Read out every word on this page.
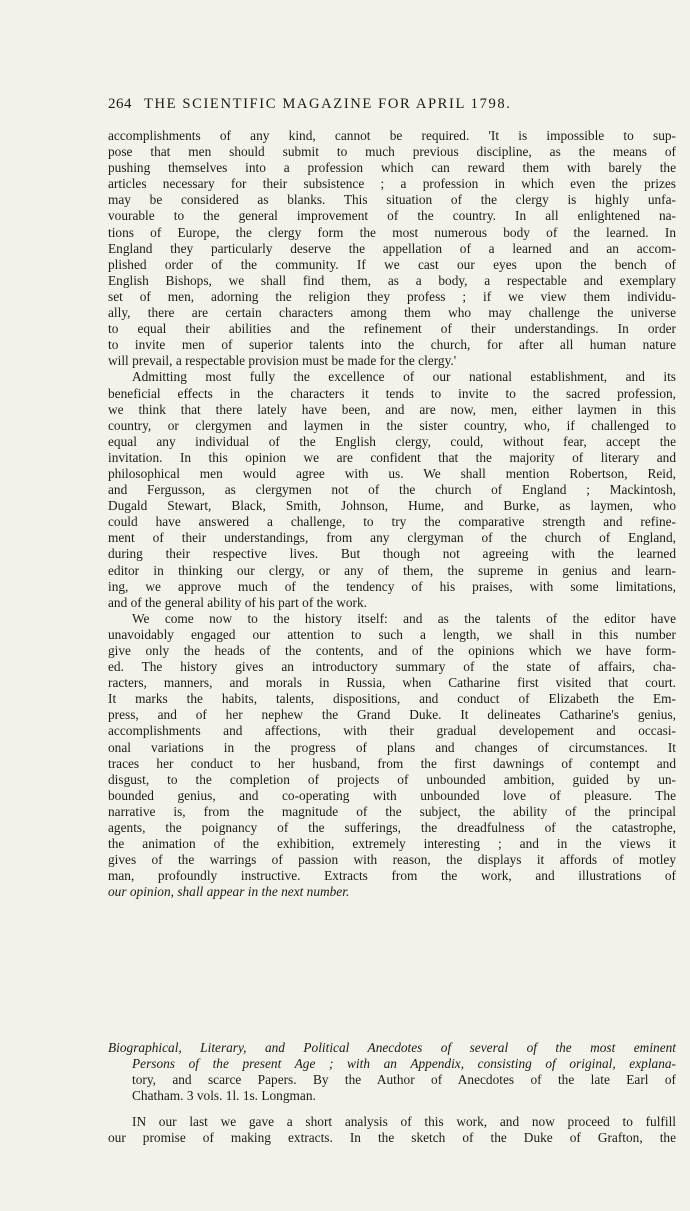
264 THE SCIENTIFIC MAGAZINE FOR APRIL 1798.

accomplishments of any kind, cannot be required. 'It is impossible to sup-
pose that men should submit to much previous discipline, as the means of
pushing themselves into a profession which can reward them with barely the
articles necessary for their subsistence ; a profession in which even the prizes
may be considered as blanks. This situation of the clergy is highly unfa-
vourable to the general improvement of the country. In all enlightened na-
tions of Europe, the clergy form the most numerous body of the learned. In
England they particularly deserve the appellation of a learned and an accom-
plished order of the community. If we cast our eyes upon the bench of
English Bishops, we shall find them, as a body, a respectable and exemplary
set of men, adorning the religion they profess ; if we view them individu-
ally, there are certain characters among them who may challenge the universe
to equal their abilities and the refinement of their understandings. In order
to invite men of superior talents into the church, for after all human nature
will prevail, a respectable provision must be made for the clergy.'

Admitting most fully the excellence of our national establishment, and its
beneficial effects in the characters it tends to invite to the sacred profession,
we think that there lately have been, and are now, men, either laymen in this
country, or clergymen and laymen in the sister country, who, if challenged to
equal any individual of the English clergy, could, without fear, accept the
invitation. In this opinion we are confident that the majority of literary and
philosophical men would agree with us. We shall mention Robertson, Reid,
and Fergusson, as clergymen not of the church of England ; Mackintosh,
Dugald Stewart, Black, Smith, Johnson, Hume, and Burke, as laymen, who
could have answered a challenge, to try the comparative strength and refine-
ment of their understandings, from any clergyman of the church of England,
during their respective lives. But though not agreeing with the learned
editor in thinking our clergy, or any of them, the supreme in genius and learn-
ing, we approve much of the tendency of his praises, with some limitations,
and of the general ability of his part of the work.

We come now to the history itself: and as the talents of the editor have
unavoidably engaged our attention to such a length, we shall in this number
give only the heads of the contents, and of the opinions which we have form-
ed. The history gives an introductory summary of the state of affairs, cha-
racters, manners, and morals in Russia, when Catharine first visited that court.
It marks the habits, talents, dispositions, and conduct of Elizabeth the Em-
press, and of her nephew the Grand Duke. It delineates Catharine's genius,
accomplishments and affections, with their gradual developement and occasi-
onal variations in the progress of plans and changes of circumstances. It
traces her conduct to her husband, from the first dawnings of contempt and
disgust, to the completion of projects of unbounded ambition, guided by un-
bounded genius, and co-operating with unbounded love of pleasure. The
narrative is, from the magnitude of the subject, the ability of the principal
agents, the poignancy of the sufferings, the dreadfulness of the catastrophe,
the animation of the exhibition, extremely interesting ; and in the views it
gives of the warrings of passion with reason, the displays it affords of motley
man, profoundly instructive. Extracts from the work, and illustrations of
our opinion, shall appear in the next number.

Biographical, Literary, and Political Anecdotes of several of the most eminent
Persons of the present Age ; with an Appendix, consisting of original, explana-
tory, and scarce Papers. By the Author of Anecdotes of the late Earl of
Chatham. 3 vols. 1l. 1s. Longman.
IN our last we gave a short analysis of this work, and now proceed to fulfill
our promise of making extracts. In the sketch of the Duke of Grafton, the
